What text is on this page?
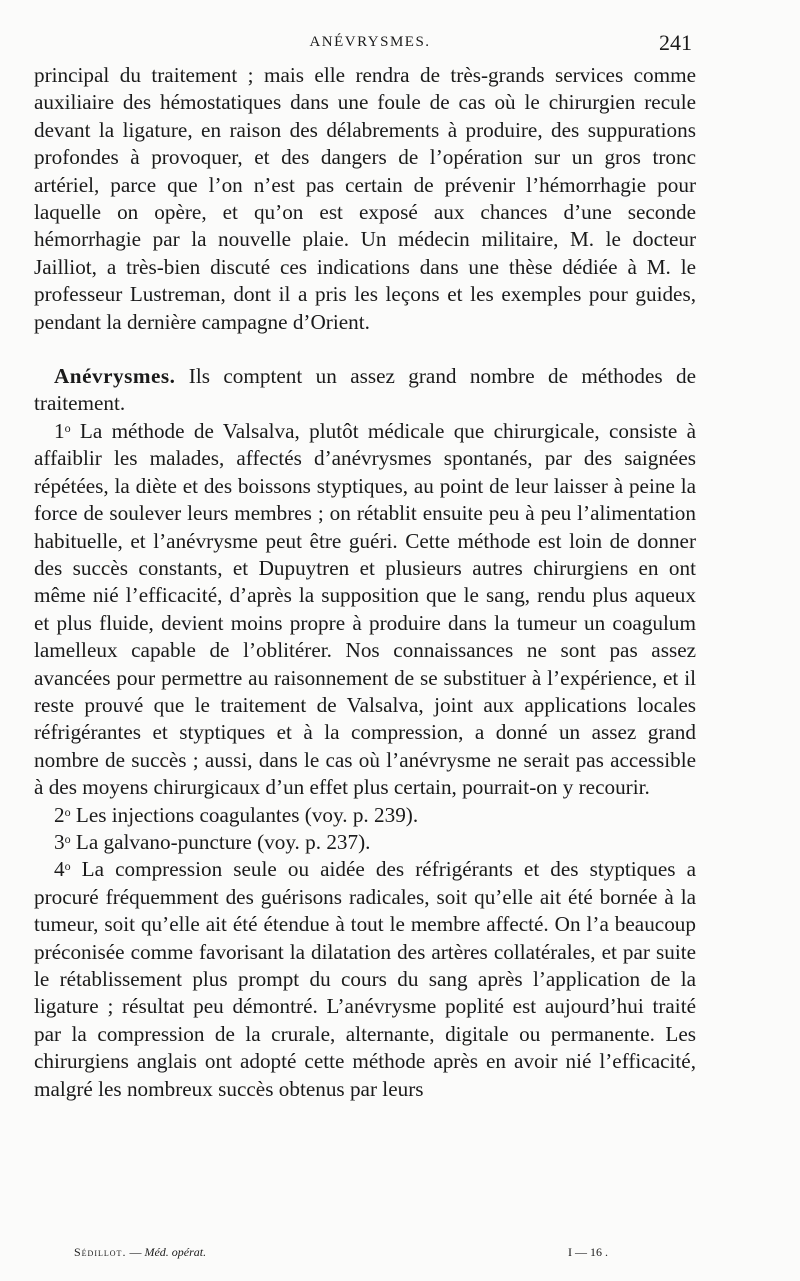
ANÉVRYSMES.	241

principal du traitement ; mais elle rendra de très-grands services comme auxiliaire des hémostatiques dans une foule de cas où le chirurgien recule devant la ligature, en raison des délabrements à produire, des suppurations profondes à provoquer, et des dangers de l’opération sur un gros tronc artériel, parce que l’on n’est pas certain de prévenir l’hémorrhagie pour laquelle on opère, et qu’on est exposé aux chances d’une seconde hémorrhagie par la nouvelle plaie. Un médecin militaire, M. le docteur Jailliot, a très-bien discuté ces indications dans une thèse dédiée à M. le professeur Lustreman, dont il a pris les leçons et les exemples pour guides, pendant la dernière campagne d’Orient.

Anévrysmes. Ils comptent un assez grand nombre de méthodes de traitement.

1$^o$ La méthode de Valsalva, plutôt médicale que chirurgicale, consiste à affaiblir les malades, affectés d’anévrysmes spontanés, par des saignées répétées, la diète et des boissons styptiques, au point de leur laisser à peine la force de soulever leurs membres ; on rétablit ensuite peu à peu l’alimentation habituelle, et l’anévrysme peut être guéri. Cette méthode est loin de donner des succès constants, et Dupuytren et plusieurs autres chirurgiens en ont même nié l’efficacité, d’après la supposition que le sang, rendu plus aqueux et plus fluide, devient moins propre à produire dans la tumeur un coagulum lamelleux capable de l’oblitérer. Nos connaissances ne sont pas assez avancées pour permettre au raisonnement de se substituer à l’expérience, et il reste prouvé que le traitement de Valsalva, joint aux applications locales réfrigérantes et styptiques et à la compression, a donné un assez grand nombre de succès ; aussi, dans le cas où l’anévrysme ne serait pas accessible à des moyens chirurgicaux d’un effet plus certain, pourrait-on y recourir.

2$^o$ Les injections coagulantes (voy. p. 239).

3$^o$ La galvano-puncture (voy. p. 237).

4$^o$ La compression seule ou aidée des réfrigérants et des styptiques a procuré fréquemment des guérisons radicales, soit qu’elle ait été bornée à la tumeur, soit qu’elle ait été étendue à tout le membre affecté. On l’a beaucoup préconisée comme favorisant la dilatation des artères collatérales, et par suite le rétablissement plus prompt du cours du sang après l’application de la ligature ; résultat peu démontré. L’anévrysme poplité est aujourd’hui traité par la compression de la crurale, alternante, digitale ou permanente. Les chirurgiens anglais ont adopté cette méthode après en avoir nié l’efficacité, malgré les nombreux succès obtenus par leurs

Sédillot. — Méd. opérat.	I — 16 .
